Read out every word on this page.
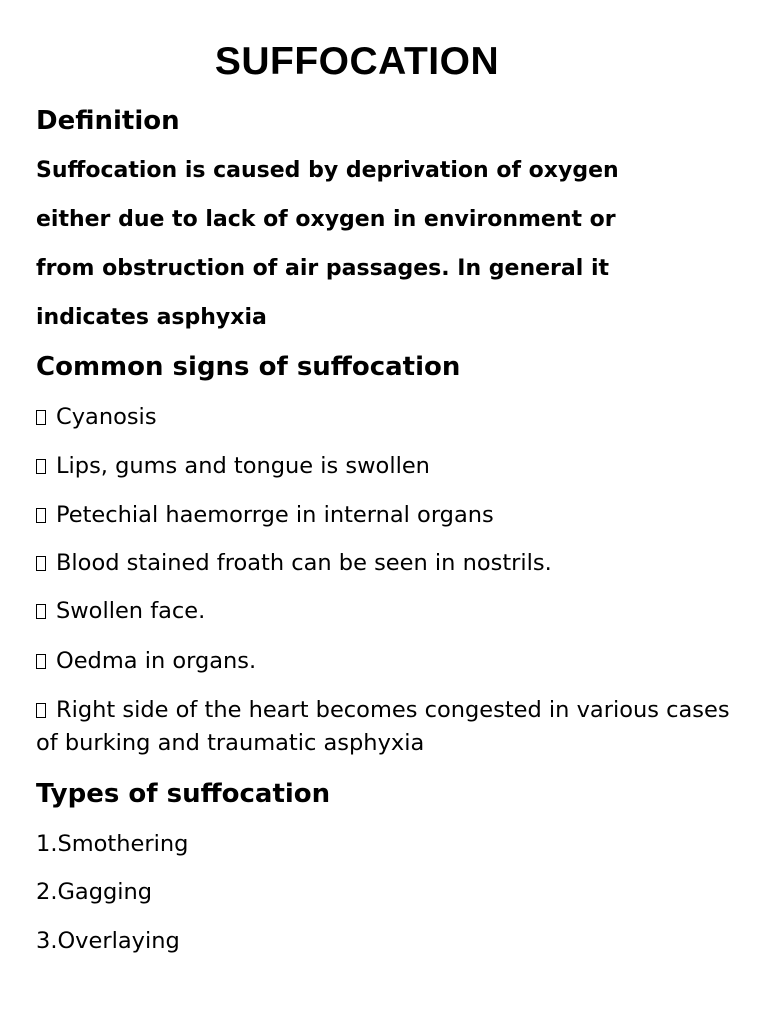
SUFFOCATION
Definition
Suffocation is caused by deprivation of oxygen
either due to lack of oxygen in environment or
from obstruction of air passages. In general it
indicates asphyxia
Common signs of suffocation
Cyanosis
Lips, gums and tongue is swollen
Petechial haemorrge in internal organs
Blood stained froath can be seen in nostrils.
Swollen face.
Oedma in organs.
Right side of the heart becomes congested in various cases of burking and traumatic asphyxia
Types of suffocation
1.Smothering
2.Gagging
3.Overlaying
